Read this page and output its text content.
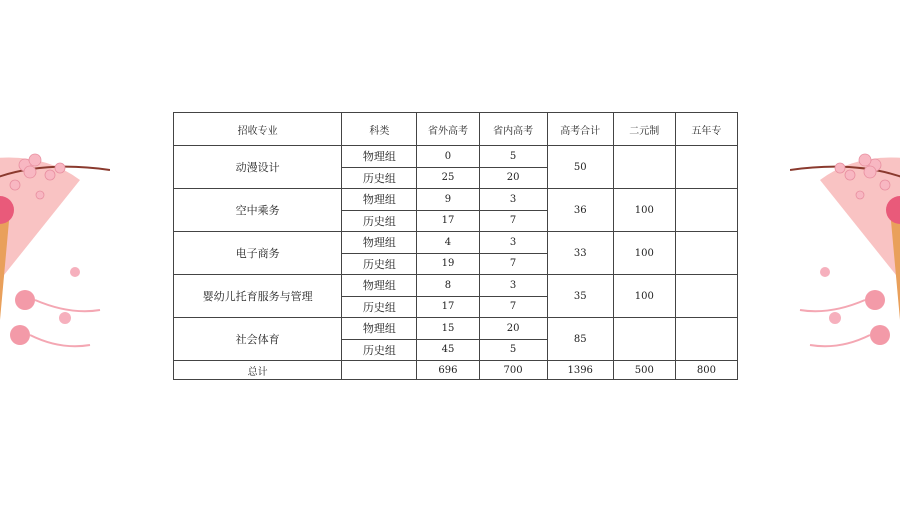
招收专业	科类	省外高考	省内高考	高考合计	二元制	五年专
动漫设计	物理组	0	5	50		
	历史组	25	20			
空中乘务	物理组	9	3	36	100	
	历史组	17	7			
电子商务	物理组	4	3	33	100	
	历史组	19	7			
婴幼儿托育服务与管理	物理组	8	3	35	100	
	历史组	17	7			
社会体育	物理组	15	20	85		
	历史组	45	5			
总计		696	700	1396	500	800
